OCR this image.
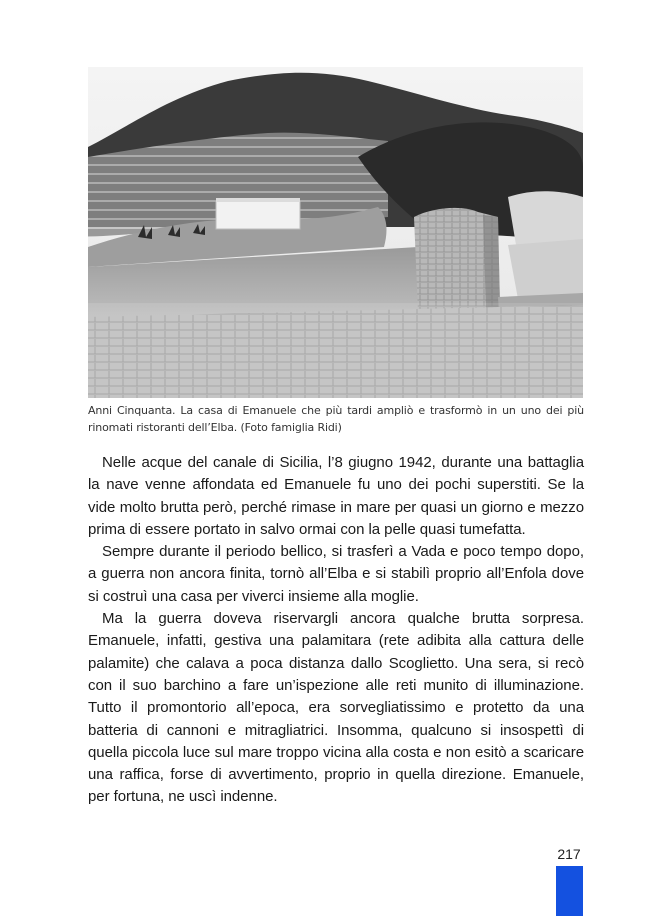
Anni Cinquanta. La casa di Emanuele che più tardi ampliò e trasformò in un uno dei più rinomati ristoranti dell’Elba. (Foto famiglia Ridi)

Nelle acque del canale di Sicilia, l’8 giugno 1942, durante una battaglia la nave venne affondata ed Emanuele fu uno dei pochi superstiti. Se la vide molto brutta però, perché rimase in mare per quasi un giorno e mezzo prima di essere portato in salvo ormai con la pelle quasi tumefatta.

Sempre durante il periodo bellico, si trasferì a Vada e poco tempo dopo, a guerra non ancora finita, tornò all’Elba e si stabilì proprio all’Enfola dove si costruì una casa per viverci insieme alla moglie.

Ma la guerra doveva riservargli ancora qualche brutta sorpresa. Emanuele, infatti, gestiva una palamitara (rete adibita alla cattura delle palamite) che calava a poca distanza dallo Scoglietto. Una sera, si recò con il suo barchino a fare un’ispezione alle reti munito di illuminazione. Tutto il promontorio all’epoca, era sorvegliatissimo e protetto da una batteria di cannoni e mitragliatrici. Insomma, qualcuno si insospettì di quella piccola luce sul mare troppo vicina alla costa e non esitò a scaricare una raffica, forse di avvertimento, proprio in quella direzione. Emanuele, per fortuna, ne uscì indenne.

217
